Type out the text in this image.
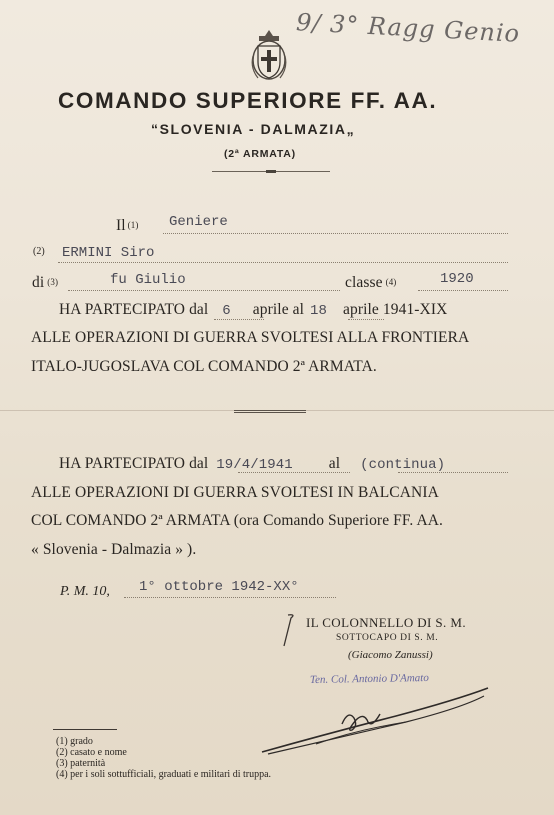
9/ 3° Ragg Genio
COMANDO SUPERIORE FF. AA.
“SLOVENIA - DALMAZIA„
(2ª ARMATA)
Il (1) Geniere
(2) ERMINI Siro
di (3)	fu Giulio	classe (4)	1920
HA PARTECIPATO dal 6 aprile al 18 aprile 1941-XIX
ALLE OPERAZIONI DI GUERRA SVOLTESI ALLA FRONTIERA
ITALO-JUGOSLAVA COL COMANDO 2ª ARMATA.
HA PARTECIPATO dal 19/4/1941 al (continua)
ALLE OPERAZIONI DI GUERRA SVOLTESI IN BALCANIA
COL COMANDO 2ª ARMATA (ora Comando Superiore FF. AA.
« Slovenia - Dalmazia » ).
P. M. 10, 1° ottobre 1942-XX°
IL COLONNELLO DI S. M.
SOTTOCAPO DI S. M.
(Giacomo Zanussi)
Ten. Col. Antonio D'Amato
(1) grado
(2) casato e nome
(3) paternità
(4) per i soli sottufficiali, graduati e militari di truppa.
